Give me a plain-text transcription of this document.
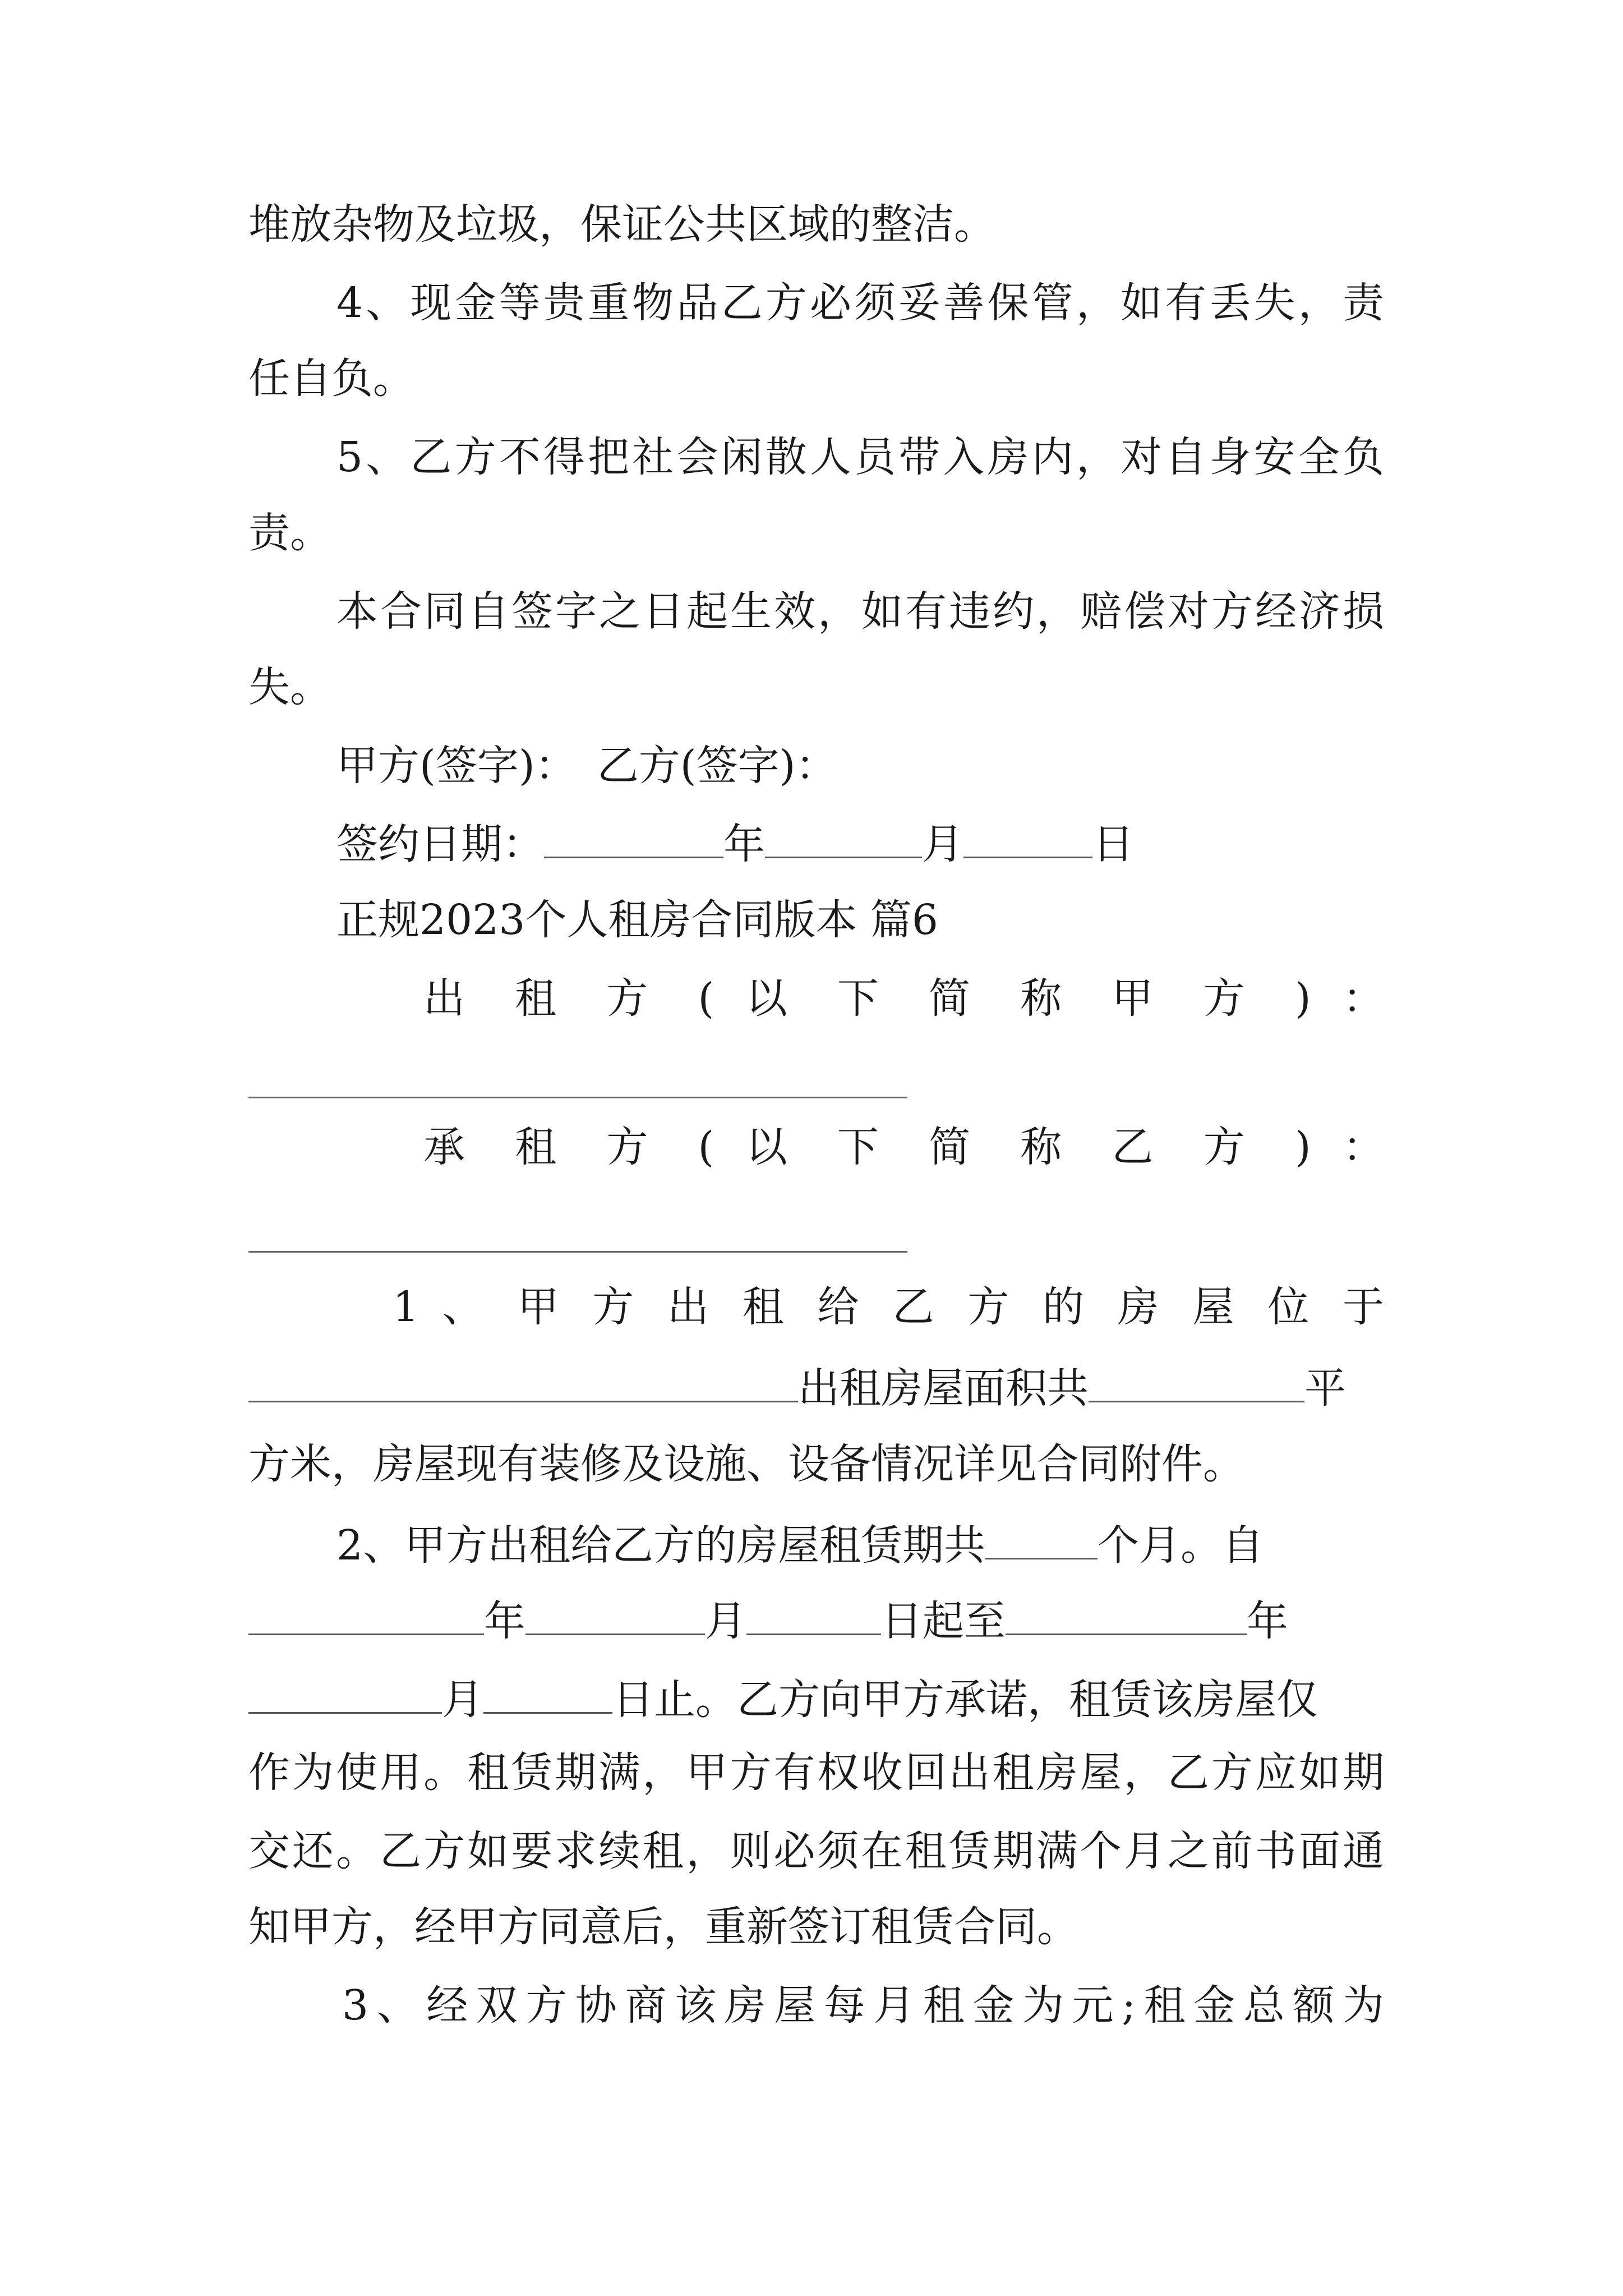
堆放杂物及垃圾，保证公共区域的整洁。
4、现金等贵重物品乙方必须妥善保管，如有丢失，责
任自负。
5、乙方不得把社会闲散人员带入房内，对自身安全负
责。
本合同自签字之日起生效，如有违约，赔偿对方经济损
失。
甲方(签字)：　乙方(签字)：
签约日期：	年	月	日
正规2023个人租房合同版本 篇6
出 租 方 ( 以 下 简 称 甲 方 ) ：
承 租 方 ( 以 下 简 称 乙 方 ) ：
1 、 甲 方 出 租 给 乙 方 的 房 屋 位 于
出租房屋面积共	平
方米，房屋现有装修及设施、设备情况详见合同附件。
2、甲方出租给乙方的房屋租赁期共	个月。自
年	月	日起至	年
月	日止。乙方向甲方承诺，租赁该房屋仅
作为使用。租赁期满，甲方有权收回出租房屋，乙方应如期
交还。乙方如要求续租，则必须在租赁期满个月之前书面通
知甲方，经甲方同意后，重新签订租赁合同。
3、经双方协商该房屋每月租金为元;租金总额为
